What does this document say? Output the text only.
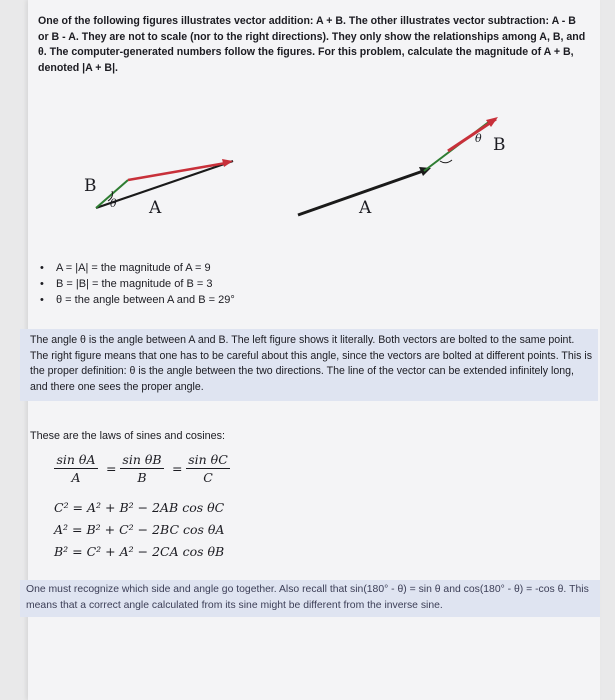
One of the following figures illustrates vector addition: A + B. The other illustrates vector subtraction: A - B or B - A. They are not to scale (nor to the right directions). They only show the relationships among A, B, and θ. The computer-generated numbers follow the figures. For this problem, calculate the magnitude of A + B, denoted |A + B|.
B
θ A
θ B
A
• A = |A| = the magnitude of A = 9
• B = |B| = the magnitude of B = 3
• θ = the angle between A and B = 29°
The angle θ is the angle between A and B. The left figure shows it literally. Both vectors are bolted to the same point. The right figure means that one has to be careful about this angle, since the vectors are bolted at different points. This is the proper definition: θ is the angle between the two directions. The line of the vector can be extended infinitely long, and there one sees the proper angle.
These are the laws of sines and cosines:
$\frac{\text{sin θA}}{A} = \frac{\text{sin θB}}{B} = \frac{\text{sin θC}}{C}$
C² = A² + B² − 2AB cos θC
A² = B² + C² − 2BC cos θA
B² = C² + A² − 2CA cos θB
One must recognize which side and angle go together. Also recall that sin(180° - θ) = sin θ and cos(180° - θ) = -cos θ. This means that a correct angle calculated from its sine might be different from the inverse sine.
